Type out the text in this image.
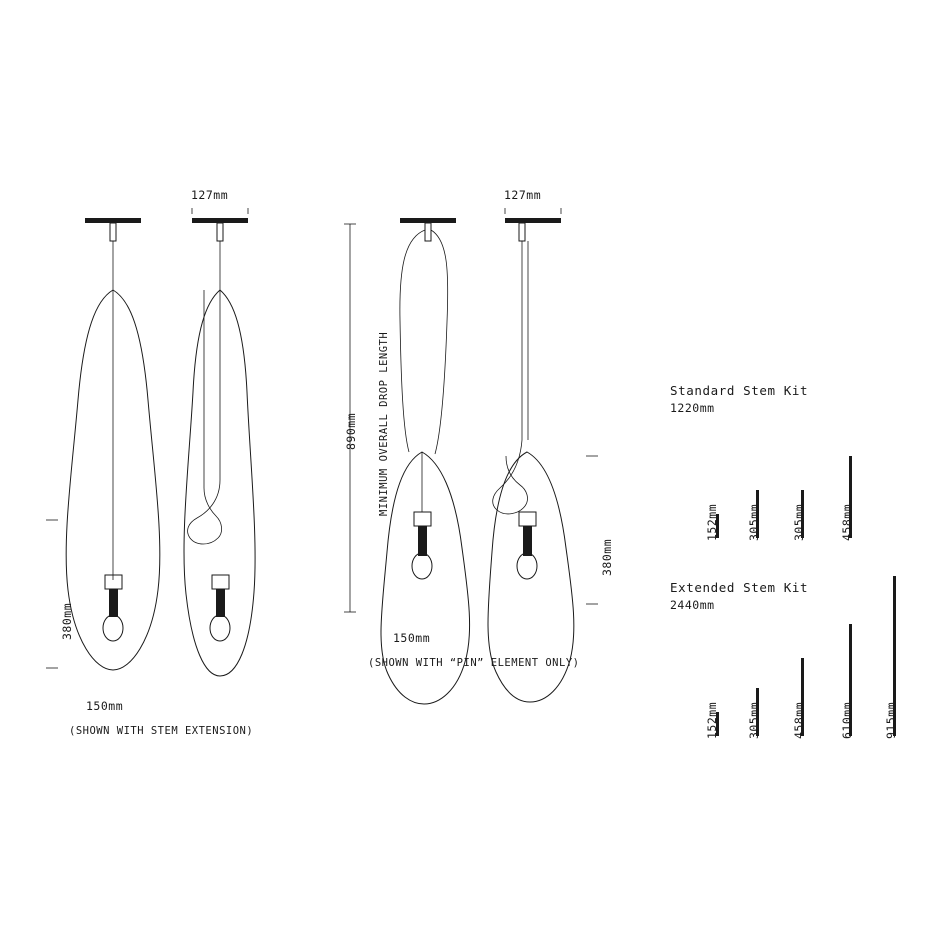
127mm
380mm
150mm
(SHOWN WITH STEM EXTENSION)
127mm
890mm MINIMUM OVERALL DROP LENGTH
380mm
150mm
(SHOWN WITH “PIN” ELEMENT ONLY)
Standard Stem Kit
1220mm
152mm 305mm	305mm	458mm
Extended Stem Kit
2440mm
152mm 305mm	458mm	610mm	915mm
